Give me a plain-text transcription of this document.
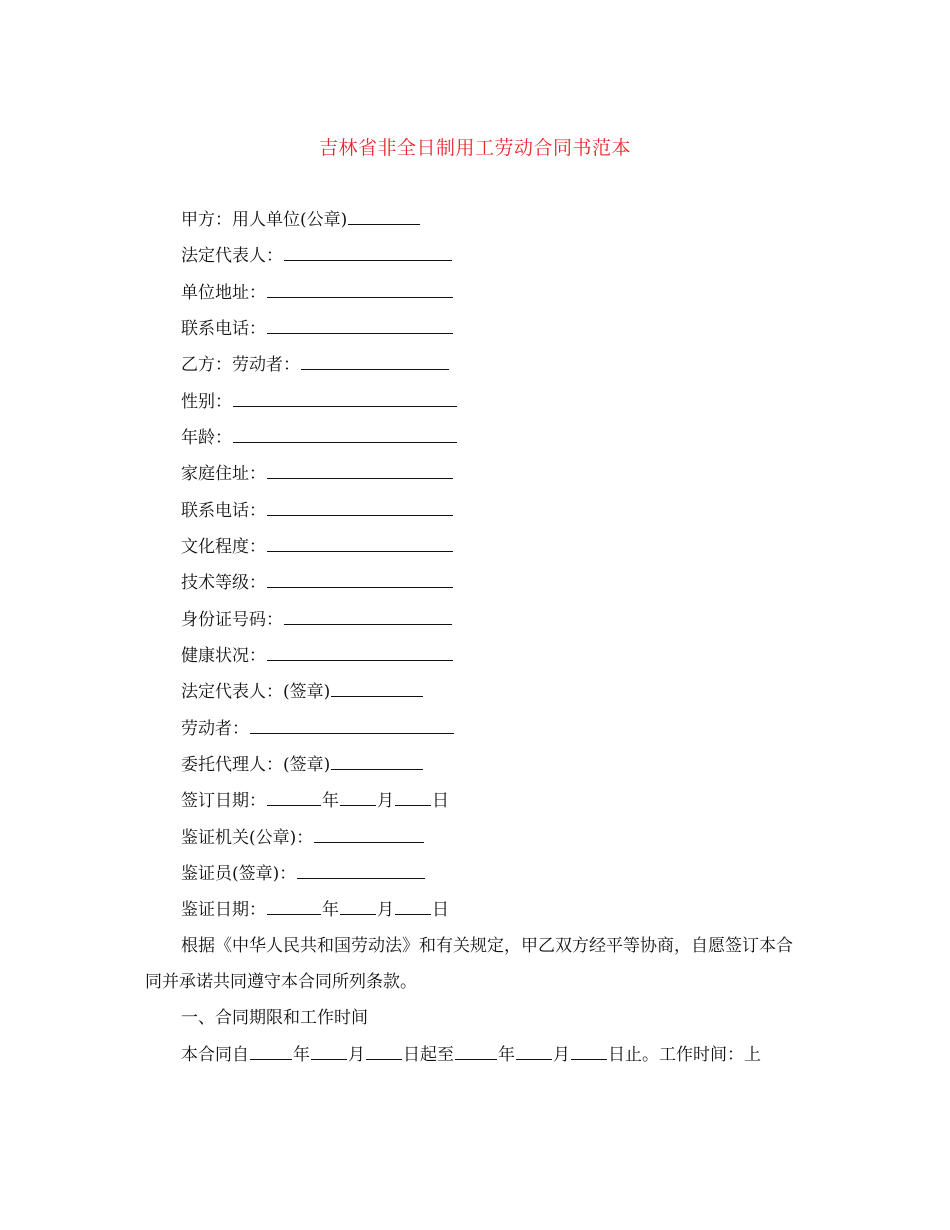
吉林省非全日制用工劳动合同书范本
甲方：用人单位(公章)
法定代表人：
单位地址：
联系电话：
乙方：劳动者：
性别：
年龄：
家庭住址：
联系电话：
文化程度：
技术等级：
身份证号码：
健康状况：
法定代表人：(签章)
劳动者：
委托代理人：(签章)
签订日期：	年 月 日
鉴证机关(公章)：
鉴证员(签章)：
鉴证日期：	年 月 日
根据《中华人民共和国劳动法》和有关规定，甲乙双方经平等协商，自愿签订本合同并承诺共同遵守本合同所列条款。
一、合同期限和工作时间
本合同自	年 月 日起至	年 月 日止。工作时间：上
